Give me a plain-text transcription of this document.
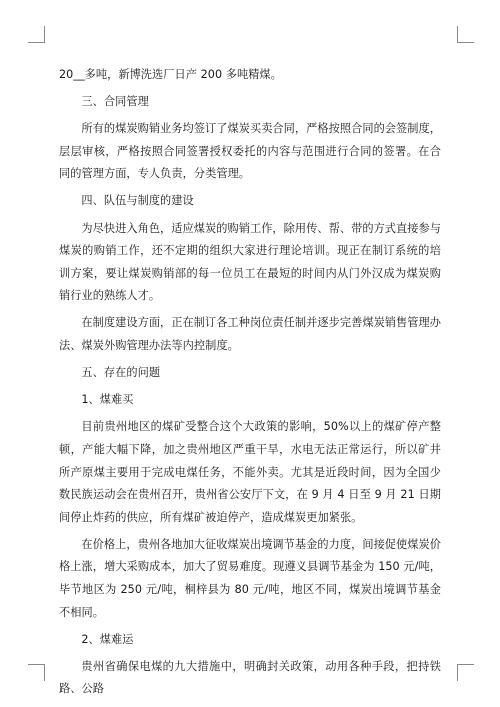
20__多吨，新博洗选厂日产 200 多吨精煤。

三、合同管理

所有的煤炭购销业务均签订了煤炭买卖合同，严格按照合同的会签制度，层层审核，严格按照合同签署授权委托的内容与范围进行合同的签署。在合同的管理方面，专人负责，分类管理。

四、队伍与制度的建设

为尽快进入角色，适应煤炭的购销工作，除用传、帮、带的方式直接参与煤炭的购销工作，还不定期的组织大家进行理论培训。现正在制订系统的培训方案，要让煤炭购销部的每一位员工在最短的时间内从门外汉成为煤炭购销行业的熟练人才。

在制度建设方面，正在制订各工种岗位责任制并逐步完善煤炭销售管理办法、煤炭外购管理办法等内控制度。

五、存在的问题

1、煤难买

目前贵州地区的煤矿受整合这个大政策的影响，50%以上的煤矿停产整顿，产能大幅下降，加之贵州地区严重干旱，水电无法正常运行，所以矿井所产原煤主要用于完成电煤任务，不能外卖。尤其是近段时间，因为全国少数民族运动会在贵州召开，贵州省公安厅下文，在 9 月 4 日至 9 月 21 日期间停止炸药的供应，所有煤矿被迫停产，造成煤炭更加紧张。

在价格上，贵州各地加大征收煤炭出境调节基金的力度，间接促使煤炭价格上涨，增大采购成本，加大了贸易难度。现遵义县调节基金为 150 元/吨，毕节地区为 250 元/吨，桐梓县为 80 元/吨，地区不同，煤炭出境调节基金不相同。

2、煤难运

贵州省确保电煤的九大措施中，明确封关政策，动用各种手段，把持铁路、公路
